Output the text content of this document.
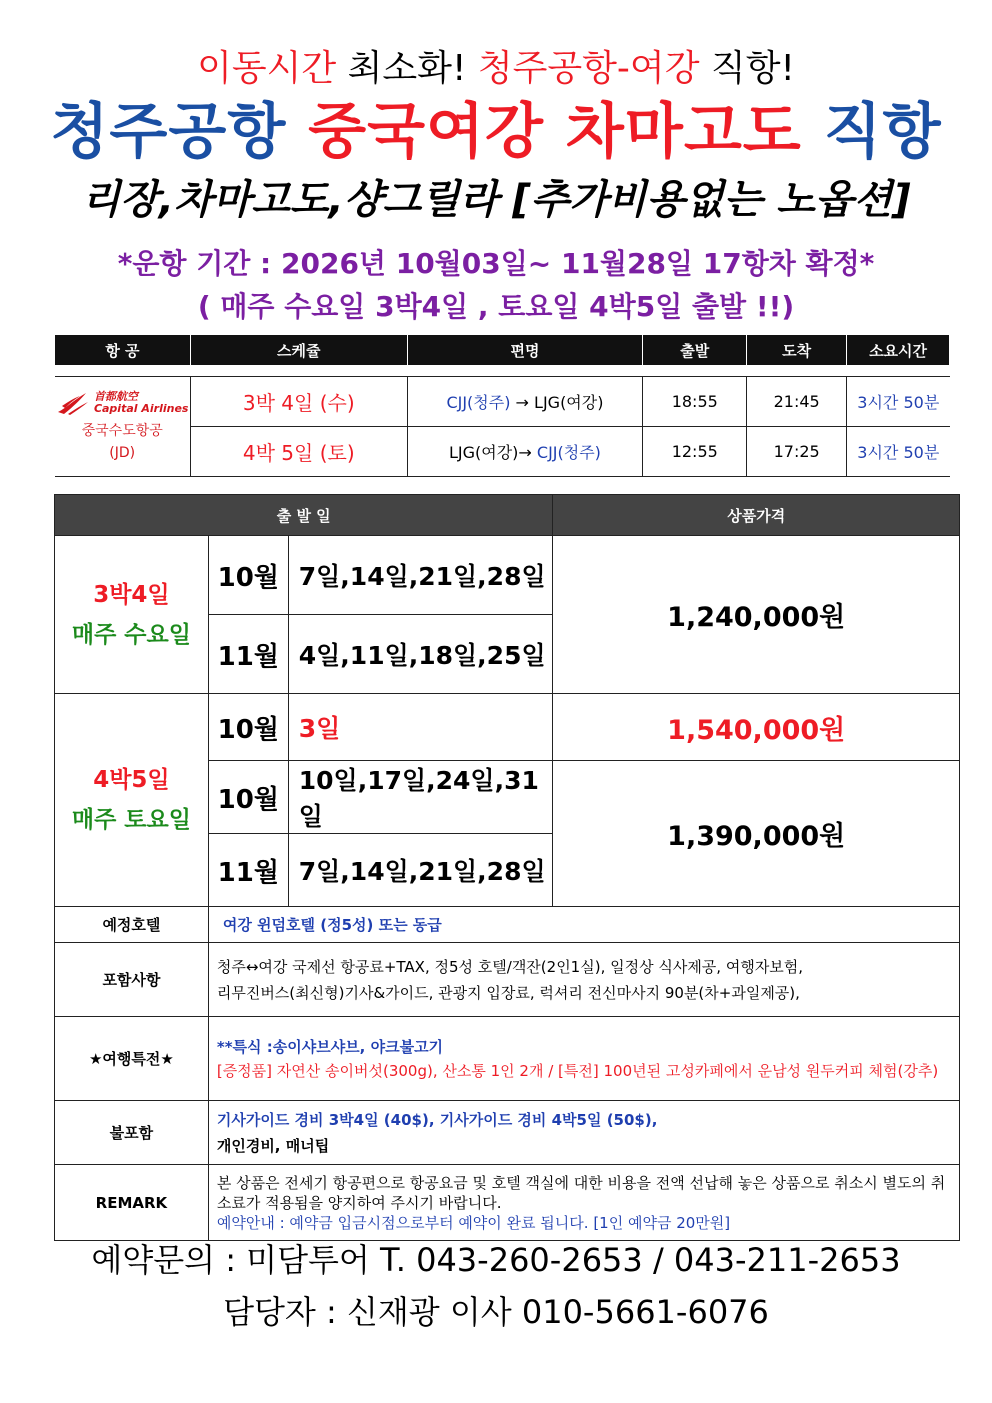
이동시간 최소화! 청주공항-여강 직항!
청주공항 중국여강 차마고도 직항
리장,차마고도,샹그릴라 [추가비용없는 노옵션]
*운항 기간 : 2026년 10월03일~ 11월28일 17항차 확정*
( 매주 수요일 3박4일 , 토요일 4박5일 출발 !!)
항 공	스케쥴	편명	출발	도착	소요시간

首都航空
Capital Airlines
중국수도항공
(JD)	3박 4일 (수)	CJJ(청주) → LJG(여강)	18:55	21:45	3시간 50분
	4박 5일 (토)	LJG(여강)→ CJJ(청주)	12:55	17:25	3시간 50분
출 발 일			상품가격

3박4일
매주 수요일	10월	7일,14일,21일,28일	1,240,000원
	11월	4일,11일,18일,25일	

4박5일
매주 토요일	10월	3일	1,540,000원
	10월	10일,17일,24일,31일	1,390,000원
	11월	7일,14일,21일,28일	
예정호텔	여강 윈덤호텔 (정5성) 또는 동급		
포함사항	청주↔여강 국제선 항공료+TAX, 정5성 호텔/객잔(2인1실), 일정상 식사제공, 여행자보험,
리무진버스(최신형)기사&가이드, 관광지 입장료, 럭셔리 전신마사지 90분(차+과일제공),		

★여행특전★	**특식 :송이샤브샤브, 야크불고기
[증정품] 자연산 송이버섯(300g), 산소통 1인 2개 / [특전] 100년된 고성카페에서 운남성 원두커피 체험(강추)		

불포함	기사가이드 경비 3박4일 (40$), 기사가이드 경비 4박5일 (50$),
개인경비, 매너팁		

REMARK	본 상품은 전세기 항공편으로 항공요금 및 호텔 객실에 대한 비용을 전액 선납해 놓은 상품으로 취소시 별도의 취소료가 적용됨을 양지하여 주시기 바랍니다.
예약안내 : 예약금 입금시점으로부터 예약이 완료 됩니다. [1인 예약금 20만원]		
예약문의 : 미담투어 T. 043-260-2653 / 043-211-2653
담당자 : 신재광 이사 010-5661-6076
